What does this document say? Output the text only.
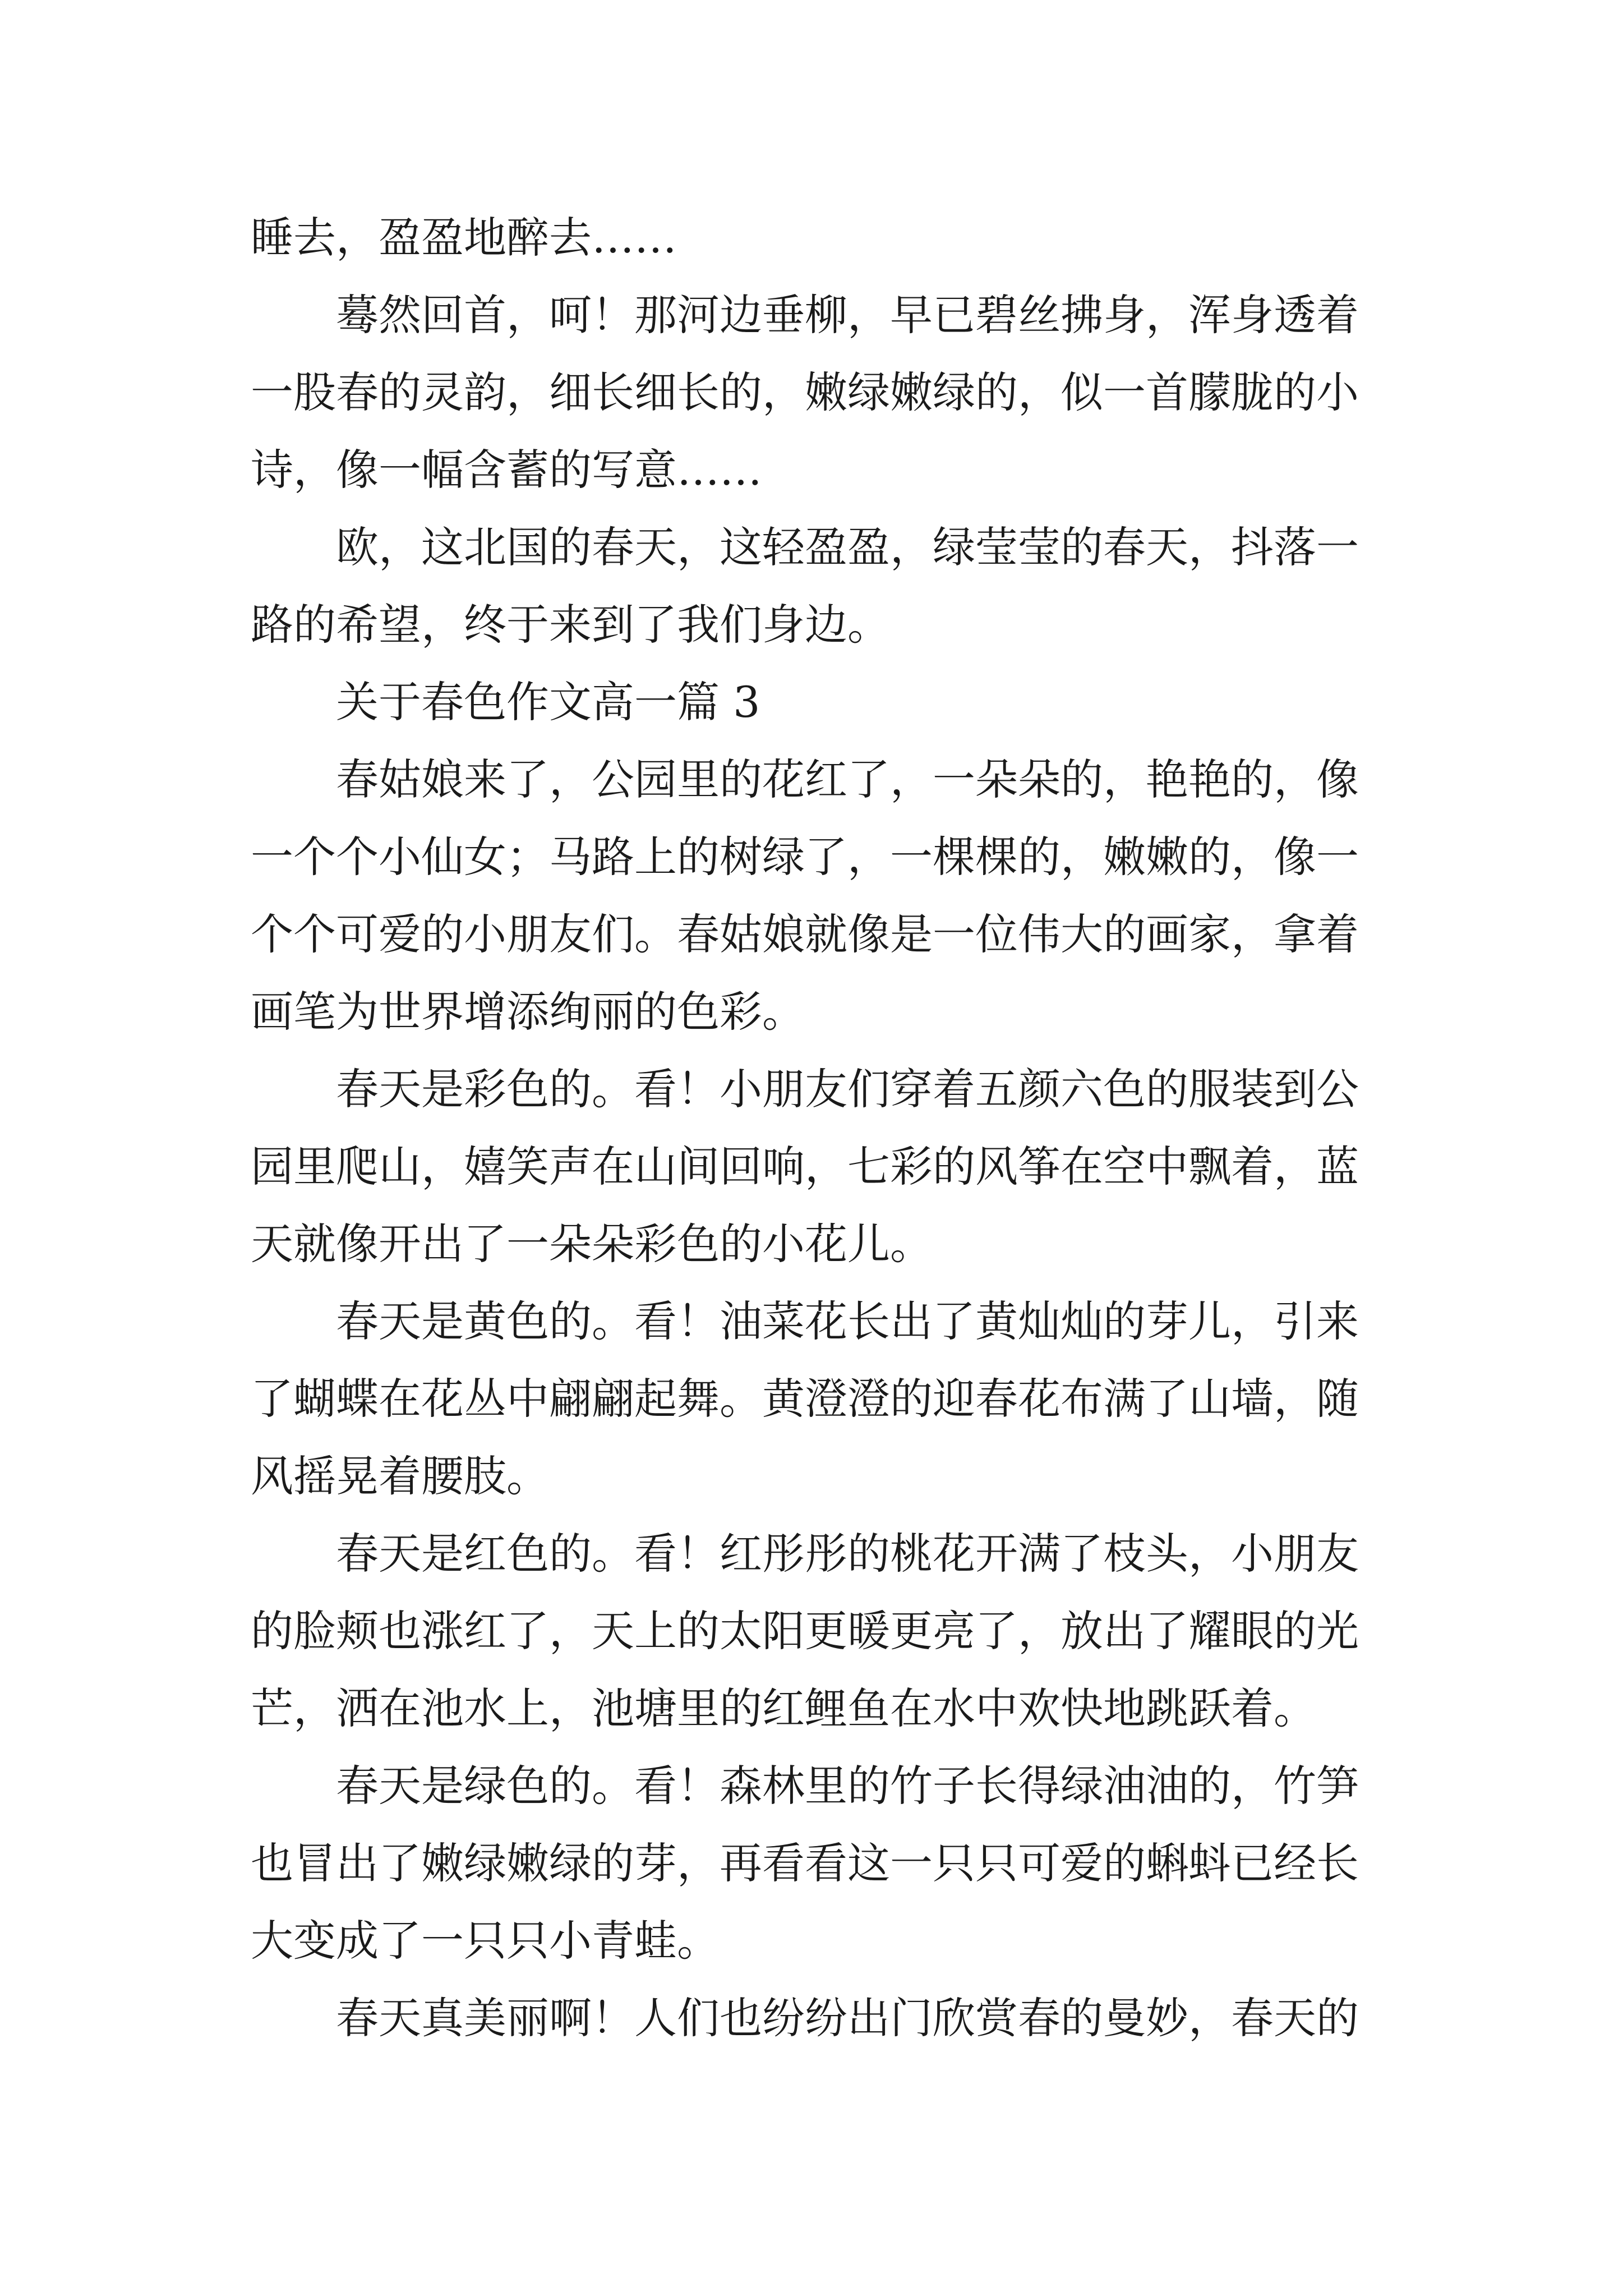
睡去，盈盈地醉去……
蓦然回首，呵！那河边垂柳，早已碧丝拂身，浑身透着
一股春的灵韵，细长细长的，嫩绿嫩绿的，似一首朦胧的小
诗，像一幅含蓄的写意……
欧，这北国的春天，这轻盈盈，绿莹莹的春天，抖落一
路的希望，终于来到了我们身边。
关于春色作文高一篇 3
春姑娘来了，公园里的花红了，一朵朵的，艳艳的，像
一个个小仙女；马路上的树绿了，一棵棵的，嫩嫩的，像一
个个可爱的小朋友们。春姑娘就像是一位伟大的画家，拿着
画笔为世界增添绚丽的色彩。
春天是彩色的。看！小朋友们穿着五颜六色的服装到公
园里爬山，嬉笑声在山间回响，七彩的风筝在空中飘着，蓝
天就像开出了一朵朵彩色的小花儿。
春天是黄色的。看！油菜花长出了黄灿灿的芽儿，引来
了蝴蝶在花丛中翩翩起舞。黄澄澄的迎春花布满了山墙，随
风摇晃着腰肢。
春天是红色的。看！红彤彤的桃花开满了枝头，小朋友
的脸颊也涨红了，天上的太阳更暖更亮了，放出了耀眼的光
芒，洒在池水上，池塘里的红鲤鱼在水中欢快地跳跃着。
春天是绿色的。看！森林里的竹子长得绿油油的，竹笋
也冒出了嫩绿嫩绿的芽，再看看这一只只可爱的蝌蚪已经长
大变成了一只只小青蛙。
春天真美丽啊！人们也纷纷出门欣赏春的曼妙，春天的
